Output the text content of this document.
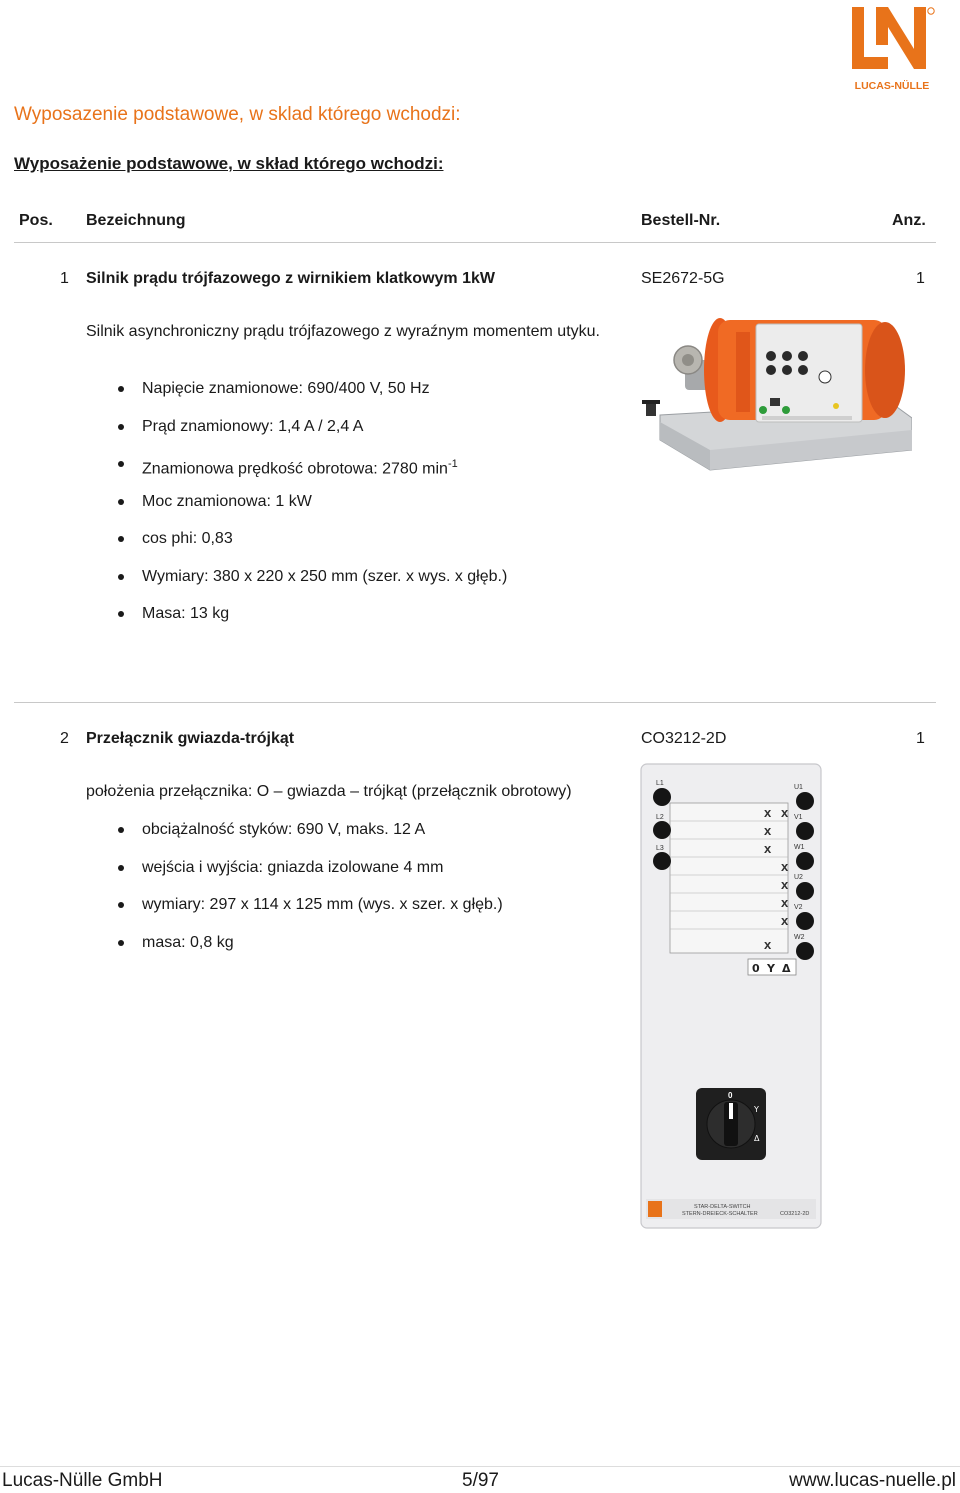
LUCAS-NÜLLE
Wyposazenie podstawowe, w sklad którego wchodzi:
Wyposażenie podstawowe, w skład którego wchodzi:
Pos. Bezeichnung	Bestell-Nr.	Anz.
1 Silnik prądu trójfazowego z wirnikiem klatkowym 1kW	SE2672-5G	1
Silnik asynchroniczny prądu trójfazowego z wyraźnym momentem utyku.
Napięcie znamionowe: 690/400 V, 50 Hz
Prąd znamionowy: 1,4 A / 2,4 A
Znamionowa prędkość obrotowa: 2780 $\min^{-1}$
Moc znamionowa: 1 kW
cos phi: 0,83
Wymiary: 380 x 220 x 250 mm (szer. x wys. x głęb.)
Masa: 13 kg
2 Przełącznik gwiazda-trójkąt	CO3212-2D	1
położenia przełącznika: O – gwiazda – trójkąt (przełącznik obrotowy)
obciążalność styków: 690 V, maks. 12 A
wejścia i wyjścia: gniazda izolowane 4 mm
wymiary: 297 x 114 x 125 mm (wys. x szer. x głęb.)
masa: 0,8 kg
x x
x
x
x
x
x
x
x
L1
L2
L3
U1
V1
W1
U2
V2
W2
0 Y Δ
0
Y
Δ
STAR-DELTA-SWITCH
STERN-DREIECK-SCHALTER	CO3212-2D
Lucas-Nülle GmbH	5/97	www.lucas-nuelle.pl
